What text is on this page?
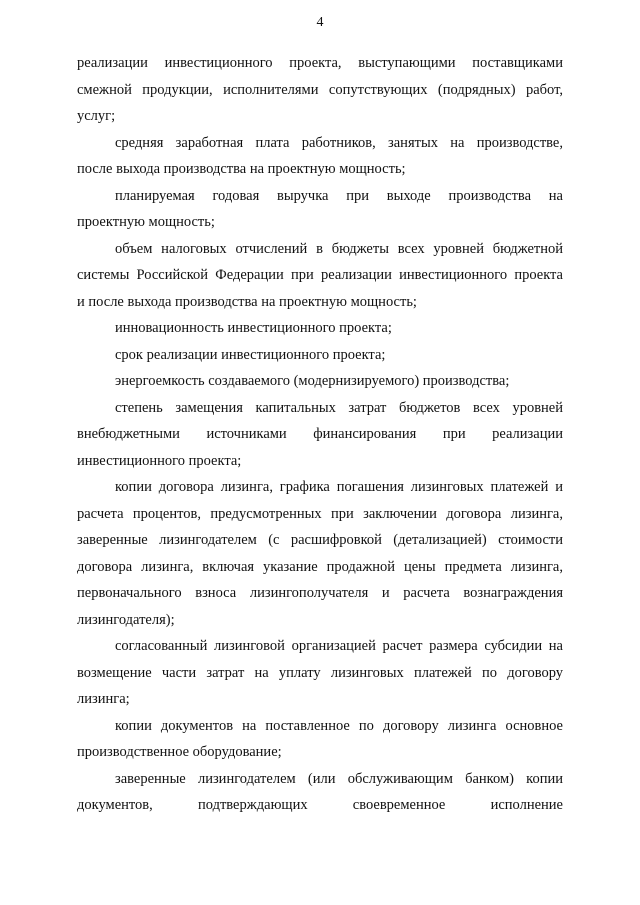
4

реализации инвестиционного проекта, выступающими поставщиками
смежной продукции, исполнителями сопутствующих (подрядных) работ,
услуг;

средняя заработная плата работников, занятых на производстве,
после выхода производства на проектную мощность;

планируемая годовая выручка при выходе производства на
проектную мощность;

объем налоговых отчислений в бюджеты всех уровней бюджетной
системы Российской Федерации при реализации инвестиционного проекта
и после выхода производства на проектную мощность;

инновационность инвестиционного проекта;

срок реализации инвестиционного проекта;

энергоемкость создаваемого (модернизируемого) производства;

степень замещения капитальных затрат бюджетов всех уровней
внебюджетными источниками финансирования при реализации
инвестиционного проекта;

копии договора лизинга, графика погашения лизинговых платежей и
расчета процентов, предусмотренных при заключении договора лизинга,
заверенные лизингодателем (с расшифровкой (детализацией) стоимости
договора лизинга, включая указание продажной цены предмета лизинга,
первоначального взноса лизингополучателя и расчета вознаграждения
лизингодателя);

согласованный лизинговой организацией расчет размера субсидии на
возмещение части затрат на уплату лизинговых платежей по договору
лизинга;

копии документов на поставленное по договору лизинга основное
производственное оборудование;

заверенные лизингодателем (или обслуживающим банком) копии
документов, подтверждающих своевременное исполнение
